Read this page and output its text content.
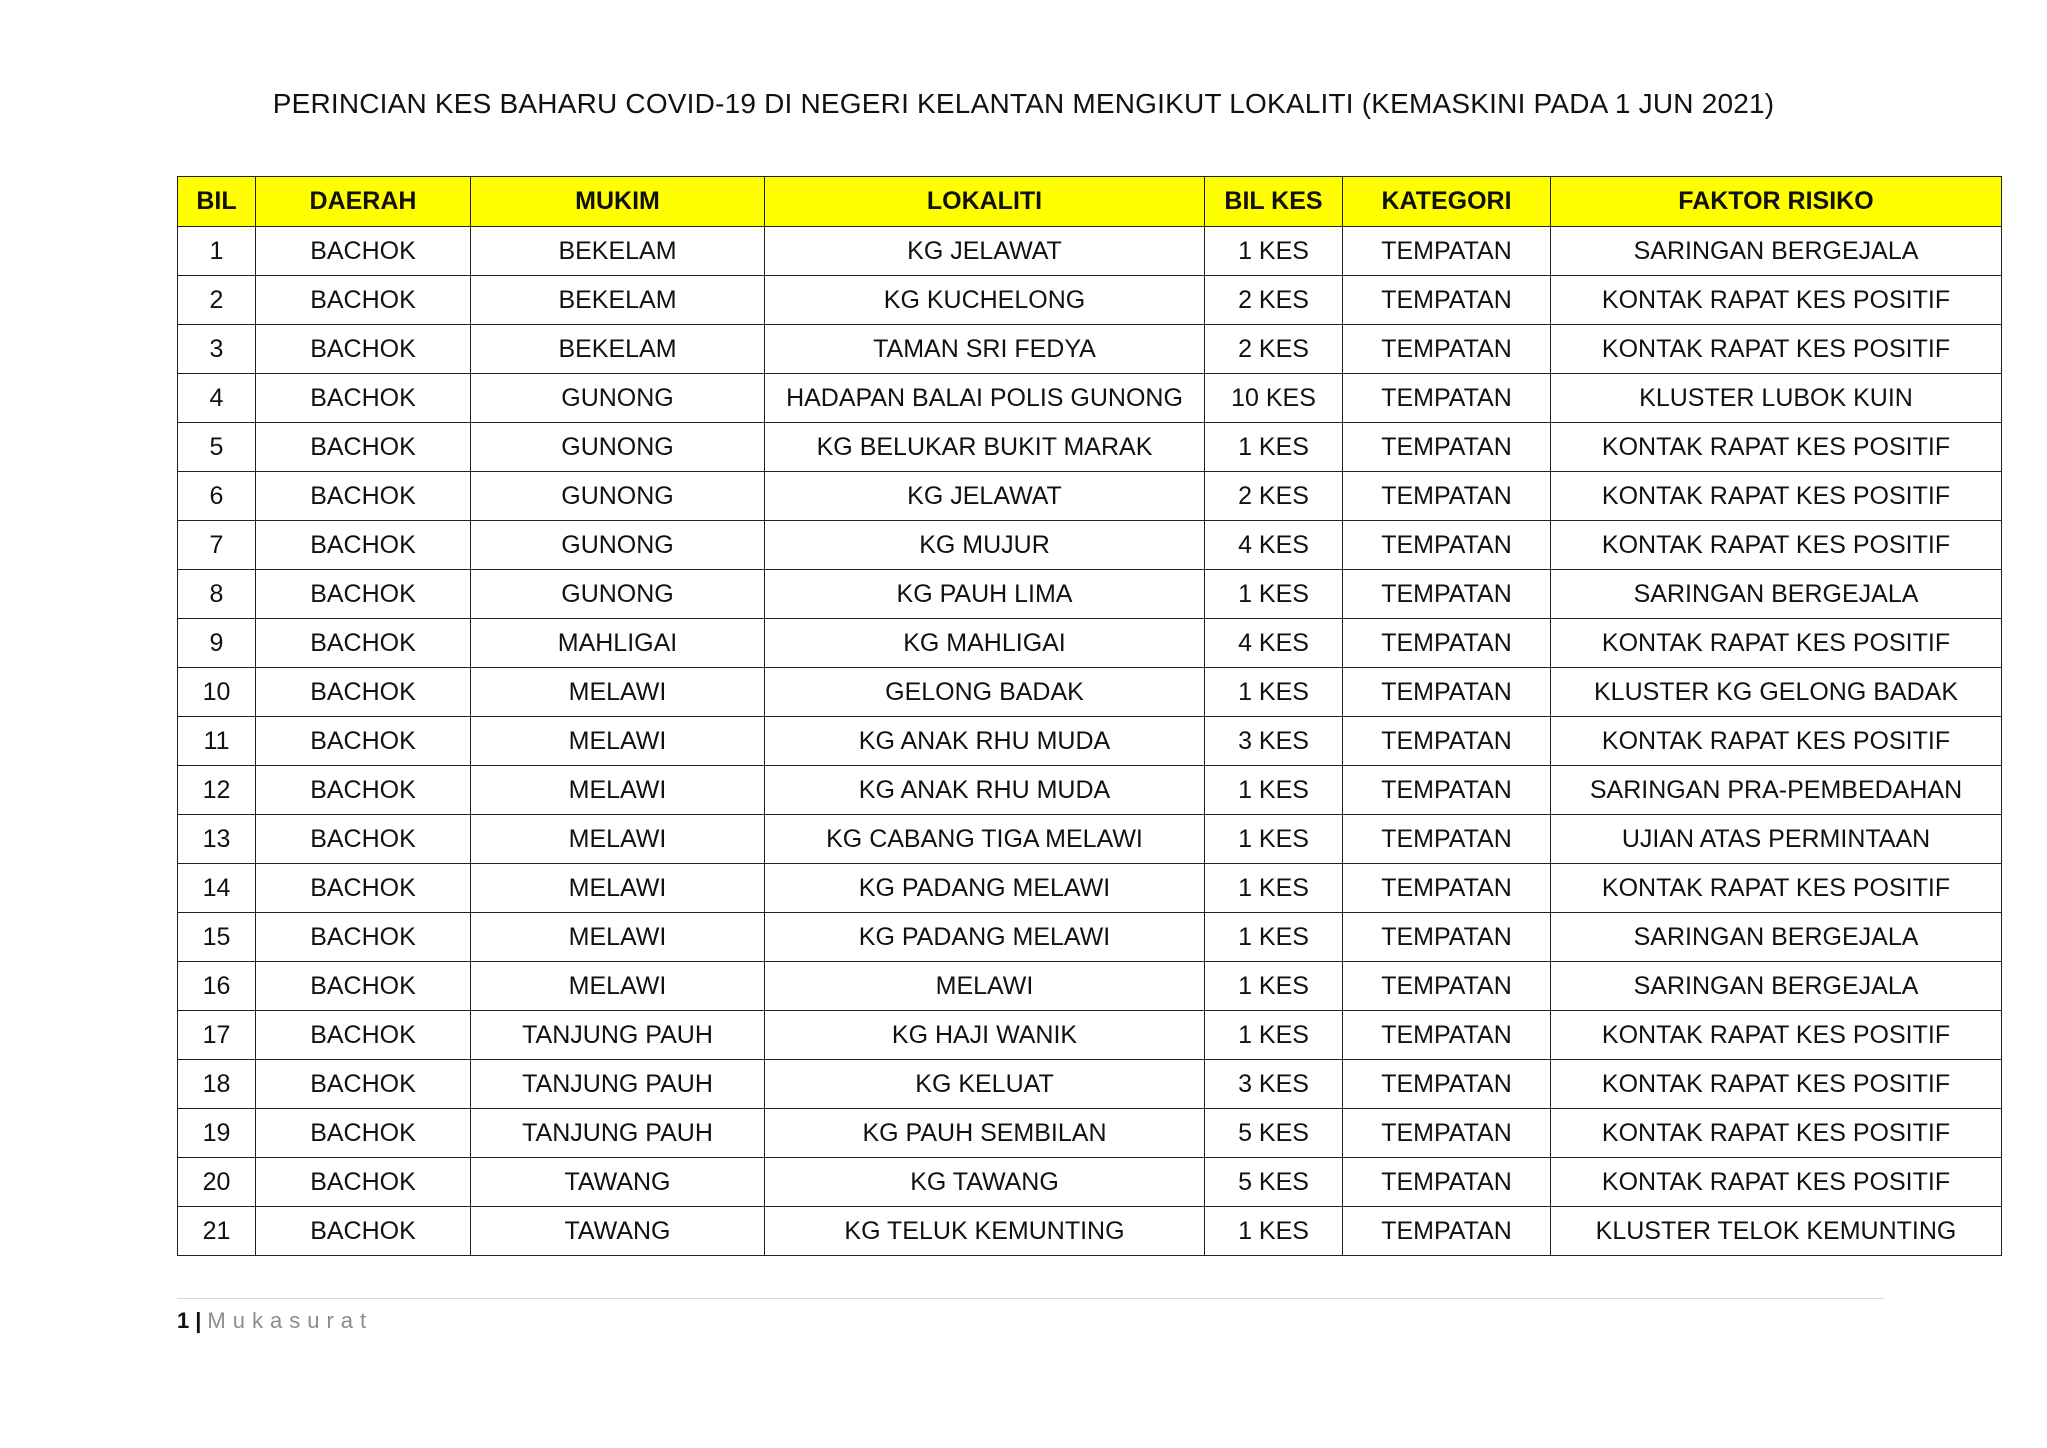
PERINCIAN KES BAHARU COVID-19 DI NEGERI KELANTAN MENGIKUT LOKALITI (KEMASKINI PADA 1 JUN 2021)
BIL	DAERAH	MUKIM	LOKALITI	BIL KES	KATEGORI	FAKTOR RISIKO
1	BACHOK	BEKELAM	KG JELAWAT	1 KES	TEMPATAN	SARINGAN BERGEJALA
2	BACHOK	BEKELAM	KG KUCHELONG	2 KES	TEMPATAN	KONTAK RAPAT KES POSITIF
3	BACHOK	BEKELAM	TAMAN SRI FEDYA	2 KES	TEMPATAN	KONTAK RAPAT KES POSITIF
4	BACHOK	GUNONG	HADAPAN BALAI POLIS GUNONG	10 KES	TEMPATAN	KLUSTER LUBOK KUIN
5	BACHOK	GUNONG	KG BELUKAR BUKIT MARAK	1 KES	TEMPATAN	KONTAK RAPAT KES POSITIF
6	BACHOK	GUNONG	KG JELAWAT	2 KES	TEMPATAN	KONTAK RAPAT KES POSITIF
7	BACHOK	GUNONG	KG MUJUR	4 KES	TEMPATAN	KONTAK RAPAT KES POSITIF
8	BACHOK	GUNONG	KG PAUH LIMA	1 KES	TEMPATAN	SARINGAN BERGEJALA
9	BACHOK	MAHLIGAI	KG MAHLIGAI	4 KES	TEMPATAN	KONTAK RAPAT KES POSITIF
10	BACHOK	MELAWI	GELONG BADAK	1 KES	TEMPATAN	KLUSTER KG GELONG BADAK
11	BACHOK	MELAWI	KG ANAK RHU MUDA	3 KES	TEMPATAN	KONTAK RAPAT KES POSITIF
12	BACHOK	MELAWI	KG ANAK RHU MUDA	1 KES	TEMPATAN	SARINGAN PRA-PEMBEDAHAN
13	BACHOK	MELAWI	KG CABANG TIGA MELAWI	1 KES	TEMPATAN	UJIAN ATAS PERMINTAAN
14	BACHOK	MELAWI	KG PADANG MELAWI	1 KES	TEMPATAN	KONTAK RAPAT KES POSITIF
15	BACHOK	MELAWI	KG PADANG MELAWI	1 KES	TEMPATAN	SARINGAN BERGEJALA
16	BACHOK	MELAWI	MELAWI	1 KES	TEMPATAN	SARINGAN BERGEJALA
17	BACHOK	TANJUNG PAUH	KG HAJI WANIK	1 KES	TEMPATAN	KONTAK RAPAT KES POSITIF
18	BACHOK	TANJUNG PAUH	KG KELUAT	3 KES	TEMPATAN	KONTAK RAPAT KES POSITIF
19	BACHOK	TANJUNG PAUH	KG PAUH SEMBILAN	5 KES	TEMPATAN	KONTAK RAPAT KES POSITIF
20	BACHOK	TAWANG	KG TAWANG	5 KES	TEMPATAN	KONTAK RAPAT KES POSITIF
21	BACHOK	TAWANG	KG TELUK KEMUNTING	1 KES	TEMPATAN	KLUSTER TELOK KEMUNTING
1 | Mukasurat
